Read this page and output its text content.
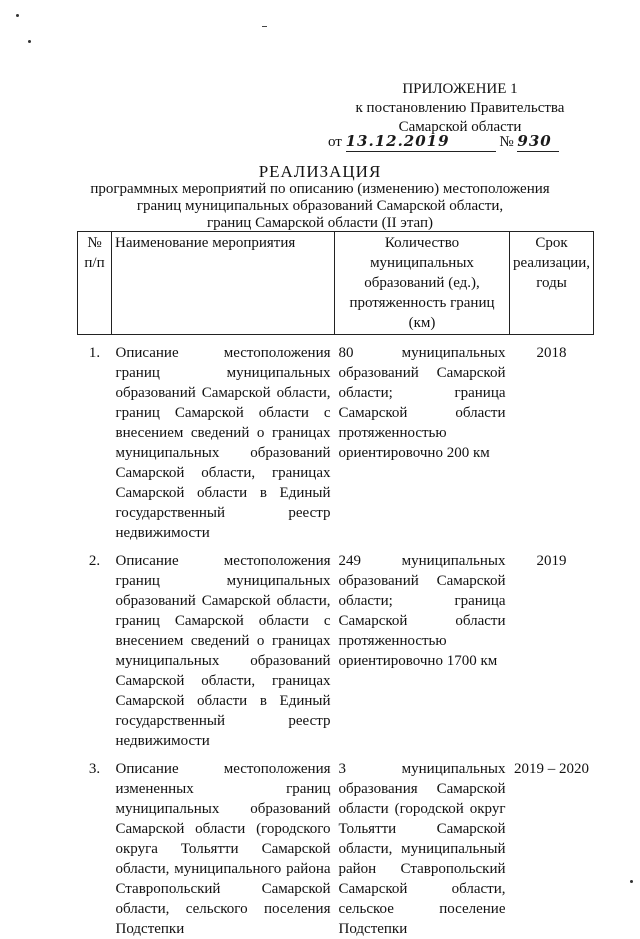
ПРИЛОЖЕНИЕ 1
к постановлению Правительства
Самарской области
от 13.12.2019	№ 930
РЕАЛИЗАЦИЯ
программных мероприятий по описанию (изменению) местоположения
границ муниципальных образований Самарской области,
границ Самарской области (II этап)
№ п/п	Наименование мероприятия	Количество муниципальных образований (ед.), протяженность границ (км)	Срок реализации, годы

1.	Описание местоположения границ муниципальных образований Самарской области, границ Самарской области с внесением сведений о границах муниципальных образований Самарской области, границах Самарской области в Единый государственный реестр недвижимости	80 муниципальных образований Самарской области; граница Самарской области протяженностью ориентировочно 200 км	2018

2.	Описание местоположения границ муниципальных образований Самарской области, границ Самарской области с внесением сведений о границах муниципальных образований Самарской области, границах Самарской области в Единый государственный реестр недвижимости	249 муниципальных образований Самарской области; граница Самарской области протяженностью ориентировочно 1700 км	2019

3.	Описание местоположения измененных границ муниципальных образований Самарской области (городского округа Тольятти Самарской области, муниципального района Ставропольский Самарской области, сельского поселения Подстепки	3 муниципальных образования Самарской области (городской округ Тольятти Самарской области, муниципальный район Ставропольский Самарской области, сельское поселение Подстепки	2019 – 2020
